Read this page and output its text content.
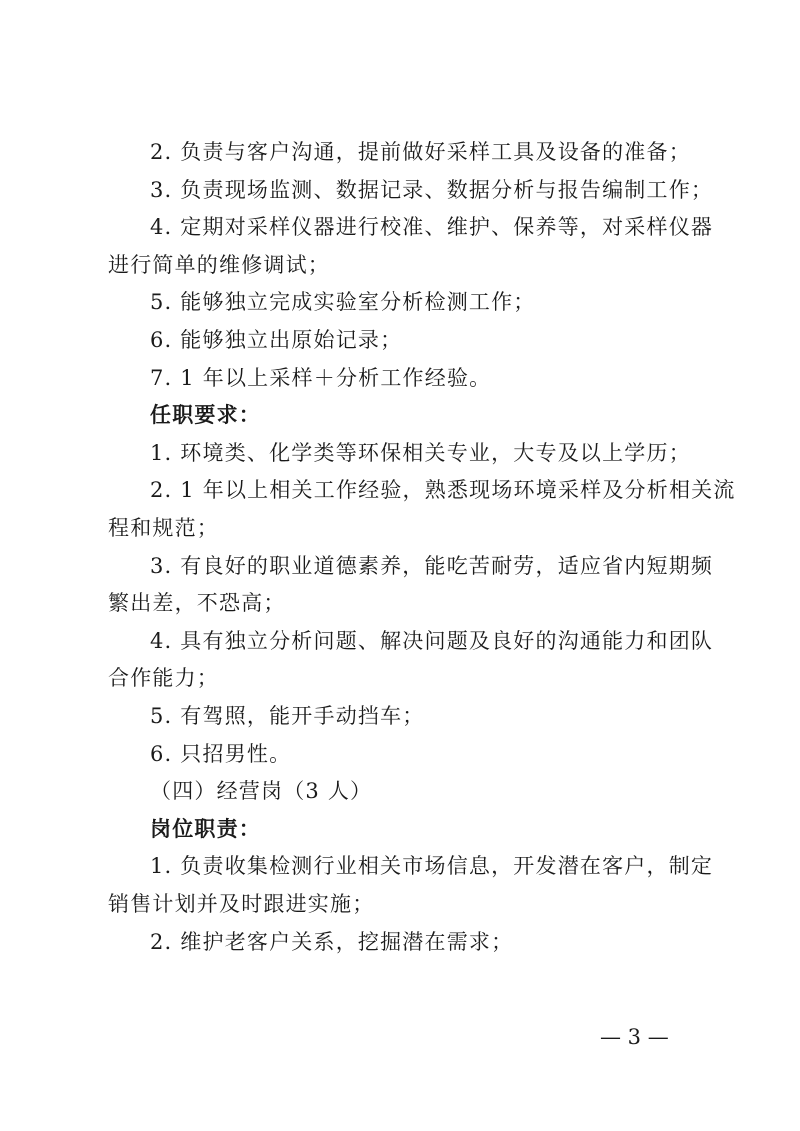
2. 负责与客户沟通，提前做好采样工具及设备的准备；
3. 负责现场监测、数据记录、数据分析与报告编制工作；
4. 定期对采样仪器进行校准、维护、保养等，对采样仪器
进行简单的维修调试；
5. 能够独立完成实验室分析检测工作；
6. 能够独立出原始记录；
7. 1 年以上采样＋分析工作经验。
任职要求：
1. 环境类、化学类等环保相关专业，大专及以上学历；
2. 1 年以上相关工作经验，熟悉现场环境采样及分析相关流
程和规范；
3. 有良好的职业道德素养，能吃苦耐劳，适应省内短期频
繁出差，不恐高；
4. 具有独立分析问题、解决问题及良好的沟通能力和团队
合作能力；
5. 有驾照，能开手动挡车；
6. 只招男性。
（四）经营岗（3 人）
岗位职责：
1. 负责收集检测行业相关市场信息，开发潜在客户，制定
销售计划并及时跟进实施；
2. 维护老客户关系，挖掘潜在需求；
— 3 —
